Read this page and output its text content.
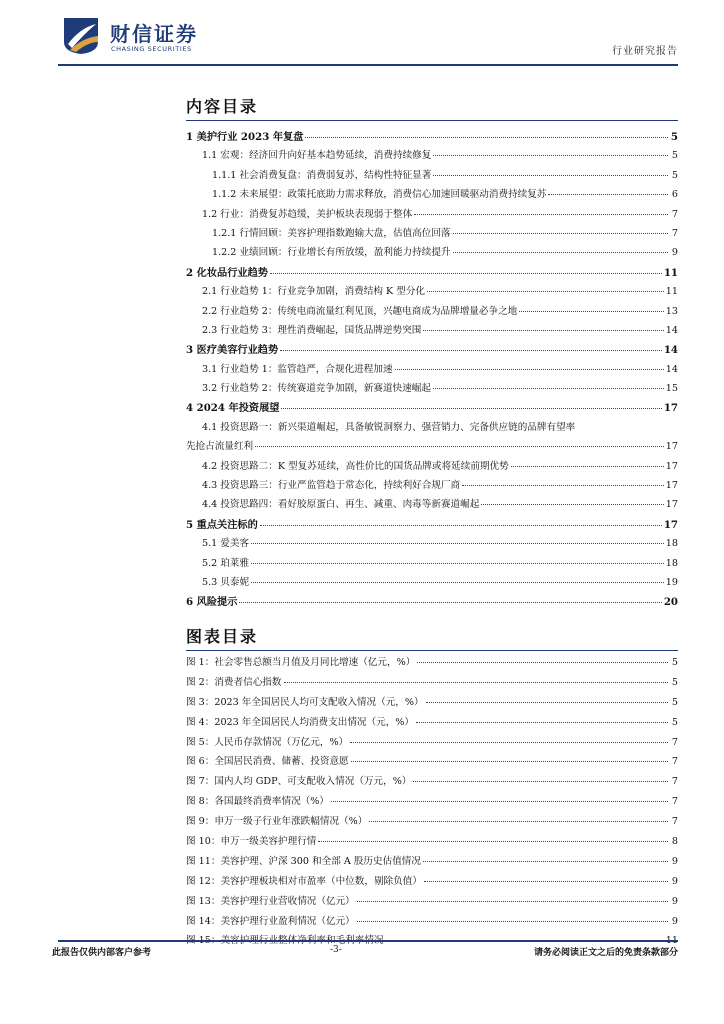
财信证券
CHASING SECURITIES	行业研究报告
内容目录
1 美护行业 2023 年复盘	5
1.1 宏观：经济回升向好基本趋势延续，消费持续修复	5
1.1.1 社会消费复盘：消费弱复苏，结构性特征显著	5
1.1.2 未来展望：政策托底助力需求释放，消费信心加速回暖驱动消费持续复苏	6
1.2 行业：消费复苏趋缓，美护板块表现弱于整体	7
1.2.1 行情回顾：美容护理指数跑输大盘，估值高位回落	7
1.2.2 业绩回顾：行业增长有所放缓，盈利能力持续提升	9
2 化妆品行业趋势	11
2.1 行业趋势 1：行业竞争加剧，消费结构 K 型分化	11
2.2 行业趋势 2：传统电商流量红利见顶，兴趣电商成为品牌增量必争之地	13
2.3 行业趋势 3：理性消费崛起，国货品牌逆势突围	14
3 医疗美容行业趋势	14
3.1 行业趋势 1：监管趋严，合规化进程加速	14
3.2 行业趋势 2：传统赛道竞争加剧，新赛道快速崛起	15
4 2024 年投资展望	17
4.1 投资思路一：新兴渠道崛起，具备敏锐洞察力、强营销力、完备供应链的品牌有望率
先抢占流量红利	17
4.2 投资思路二：K 型复苏延续，高性价比的国货品牌或将延续前期优势	17
4.3 投资思路三：行业严监管趋于常态化，持续利好合规厂商	17
4.4 投资思路四：看好胶原蛋白、再生、减重、肉毒等新赛道崛起	17
5 重点关注标的	17
5.1 爱美客	18
5.2 珀莱雅	18
5.3 贝泰妮	19
6 风险提示	20
图表目录
图 1：社会零售总额当月值及月同比增速（亿元，%）	5
图 2：消费者信心指数	5
图 3：2023 年全国居民人均可支配收入情况（元，%）	5
图 4：2023 年全国居民人均消费支出情况（元，%）	5
图 5：人民币存款情况（万亿元，%）	7
图 6：全国居民消费、储蓄、投资意愿	7
图 7：国内人均 GDP、可支配收入情况（万元，%）	7
图 8：各国最终消费率情况（%）	7
图 9：申万一级子行业年涨跌幅情况（%）	7
图 10：申万一级美容护理行情	8
图 11：美容护理、沪深 300 和全部 A 股历史估值情况	9
图 12：美容护理板块相对市盈率（中位数，剔除负值）	9
图 13：美容护理行业营收情况（亿元）	9
图 14：美容护理行业盈利情况（亿元）	9
图 15：美容护理行业整体净利率和毛利率情况	11
此报告仅供内部客户参考	-3-	请务必阅读正文之后的免责条款部分
